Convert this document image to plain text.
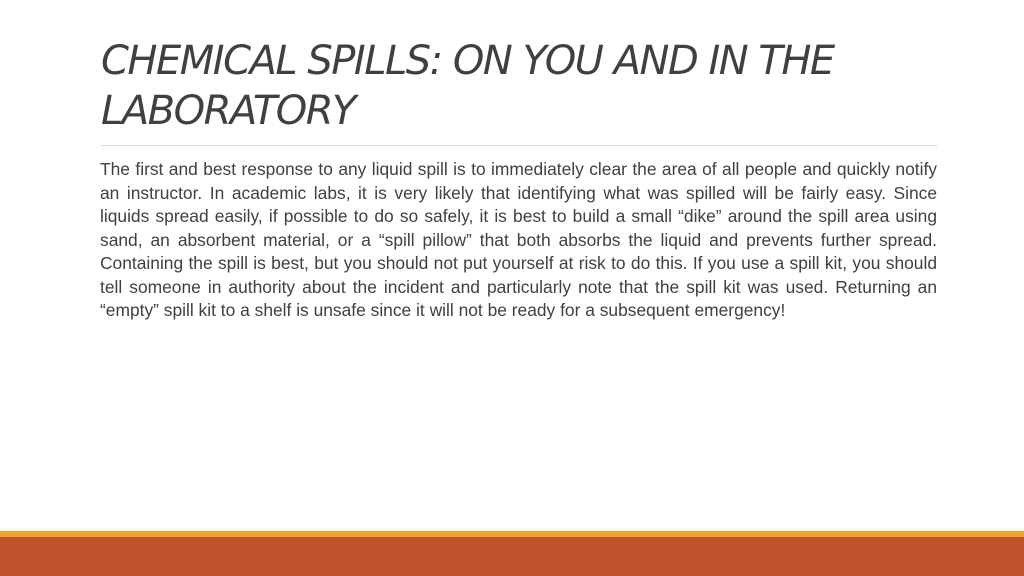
CHEMICAL SPILLS: ON YOU AND IN THE LABORATORY

The first and best response to any liquid spill is to immediately clear the area of all people and quickly notify an instructor. In academic labs, it is very likely that identifying what was spilled will be fairly easy. Since liquids spread easily, if possible to do so safely, it is best to build a small “dike” around the spill area using sand, an absorbent material, or a “spill pillow” that both absorbs the liquid and prevents further spread. Containing the spill is best, but you should not put yourself at risk to do this. If you use a spill kit, you should tell someone in authority about the incident and particularly note that the spill kit was used. Returning an “empty” spill kit to a shelf is unsafe since it will not be ready for a subsequent emergency!
